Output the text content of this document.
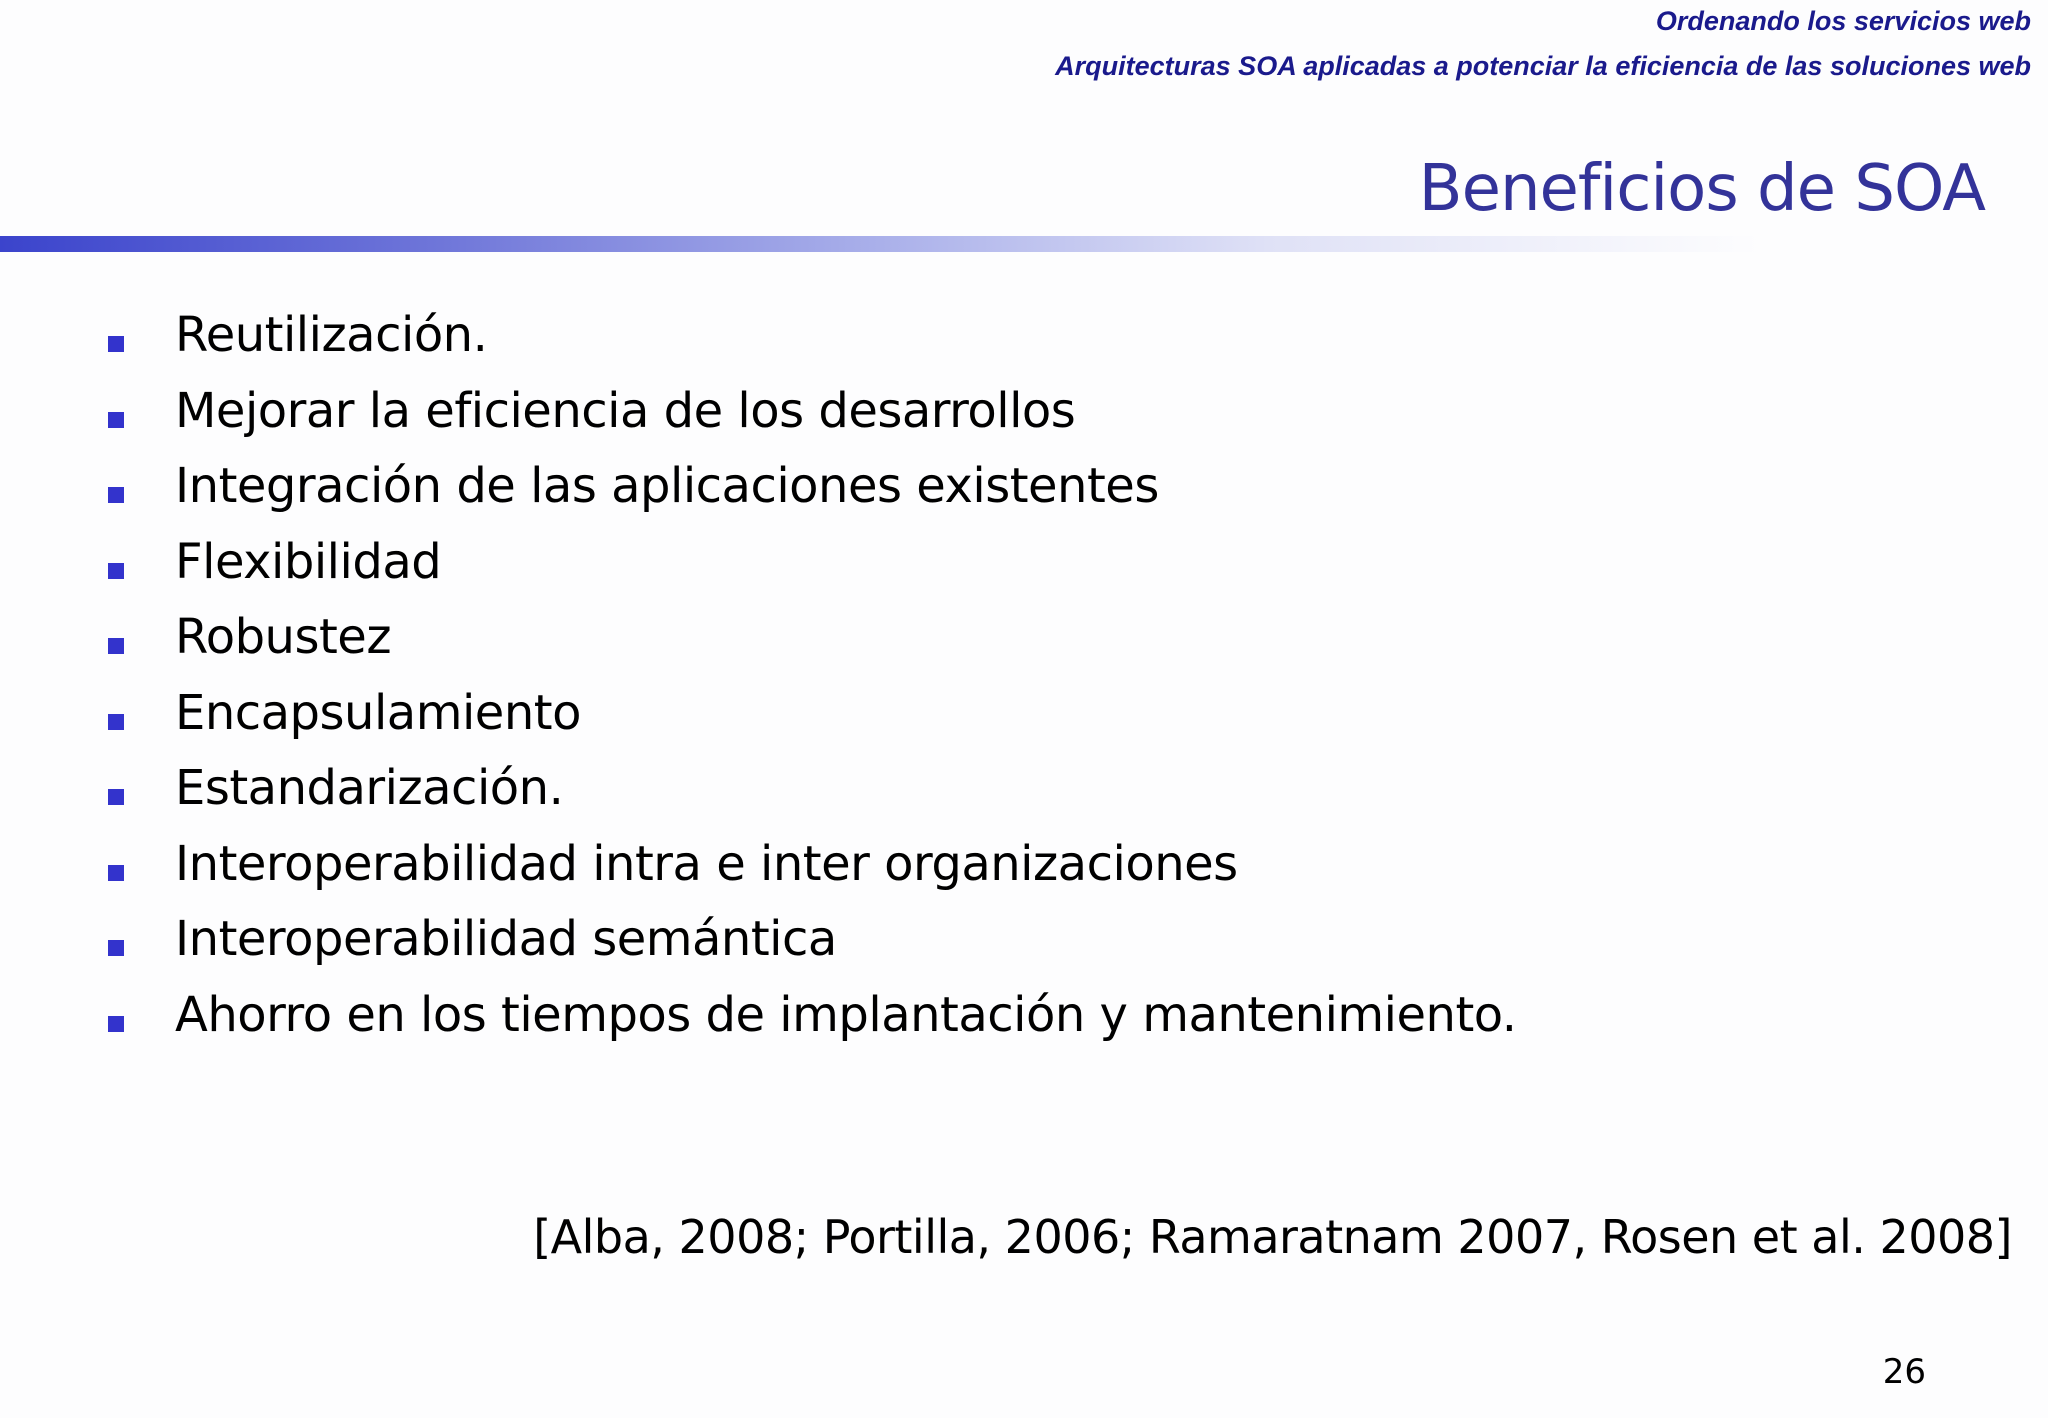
Ordenando los servicios web
Arquitecturas SOA aplicadas a potenciar la eficiencia de las soluciones web
Beneficios de SOA
Reutilización.
Mejorar la eficiencia de los desarrollos
Integración de las aplicaciones existentes
Flexibilidad
Robustez
Encapsulamiento
Estandarización.
Interoperabilidad intra e inter organizaciones
Interoperabilidad semántica
Ahorro en los tiempos de implantación y mantenimiento.
[Alba, 2008; Portilla, 2006; Ramaratnam 2007, Rosen et al. 2008]
26
